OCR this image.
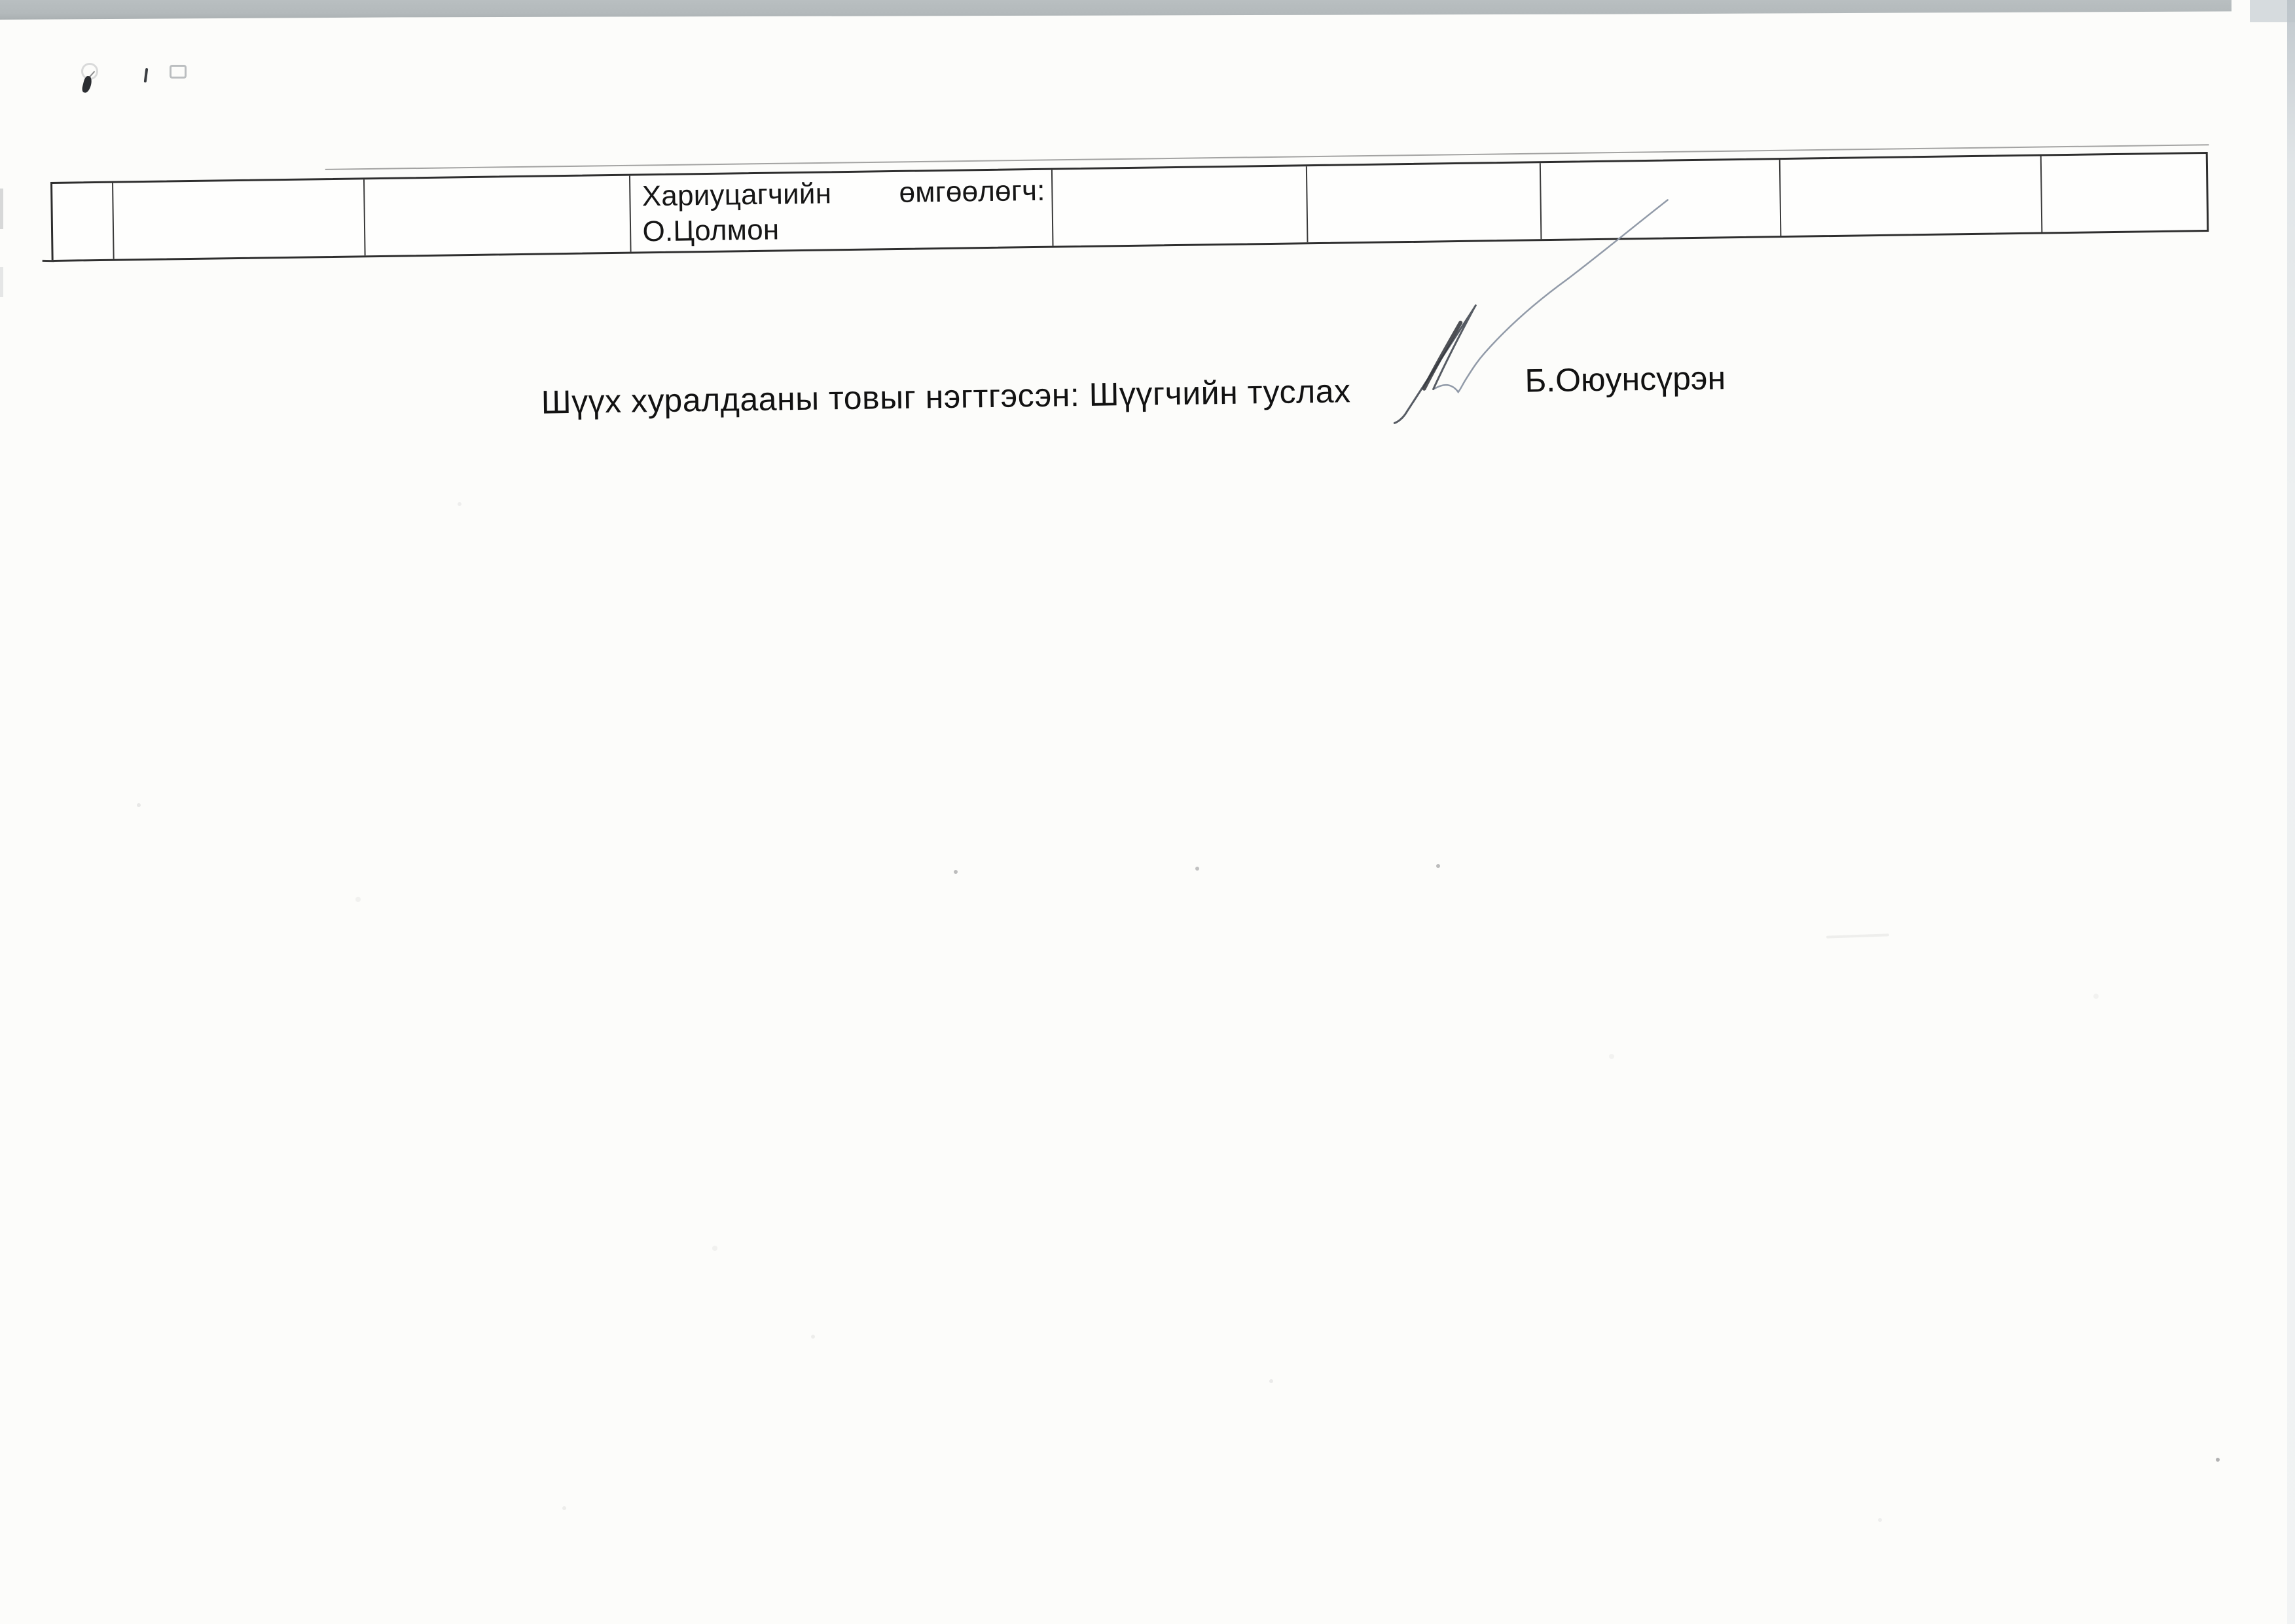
Хариуцагчийн өмгөөлөгч: О.Цолмон
Шүүх хуралдааны товыг нэгтгэсэн: Шүүгчийн туслах	Б.Оюунсүрэн
